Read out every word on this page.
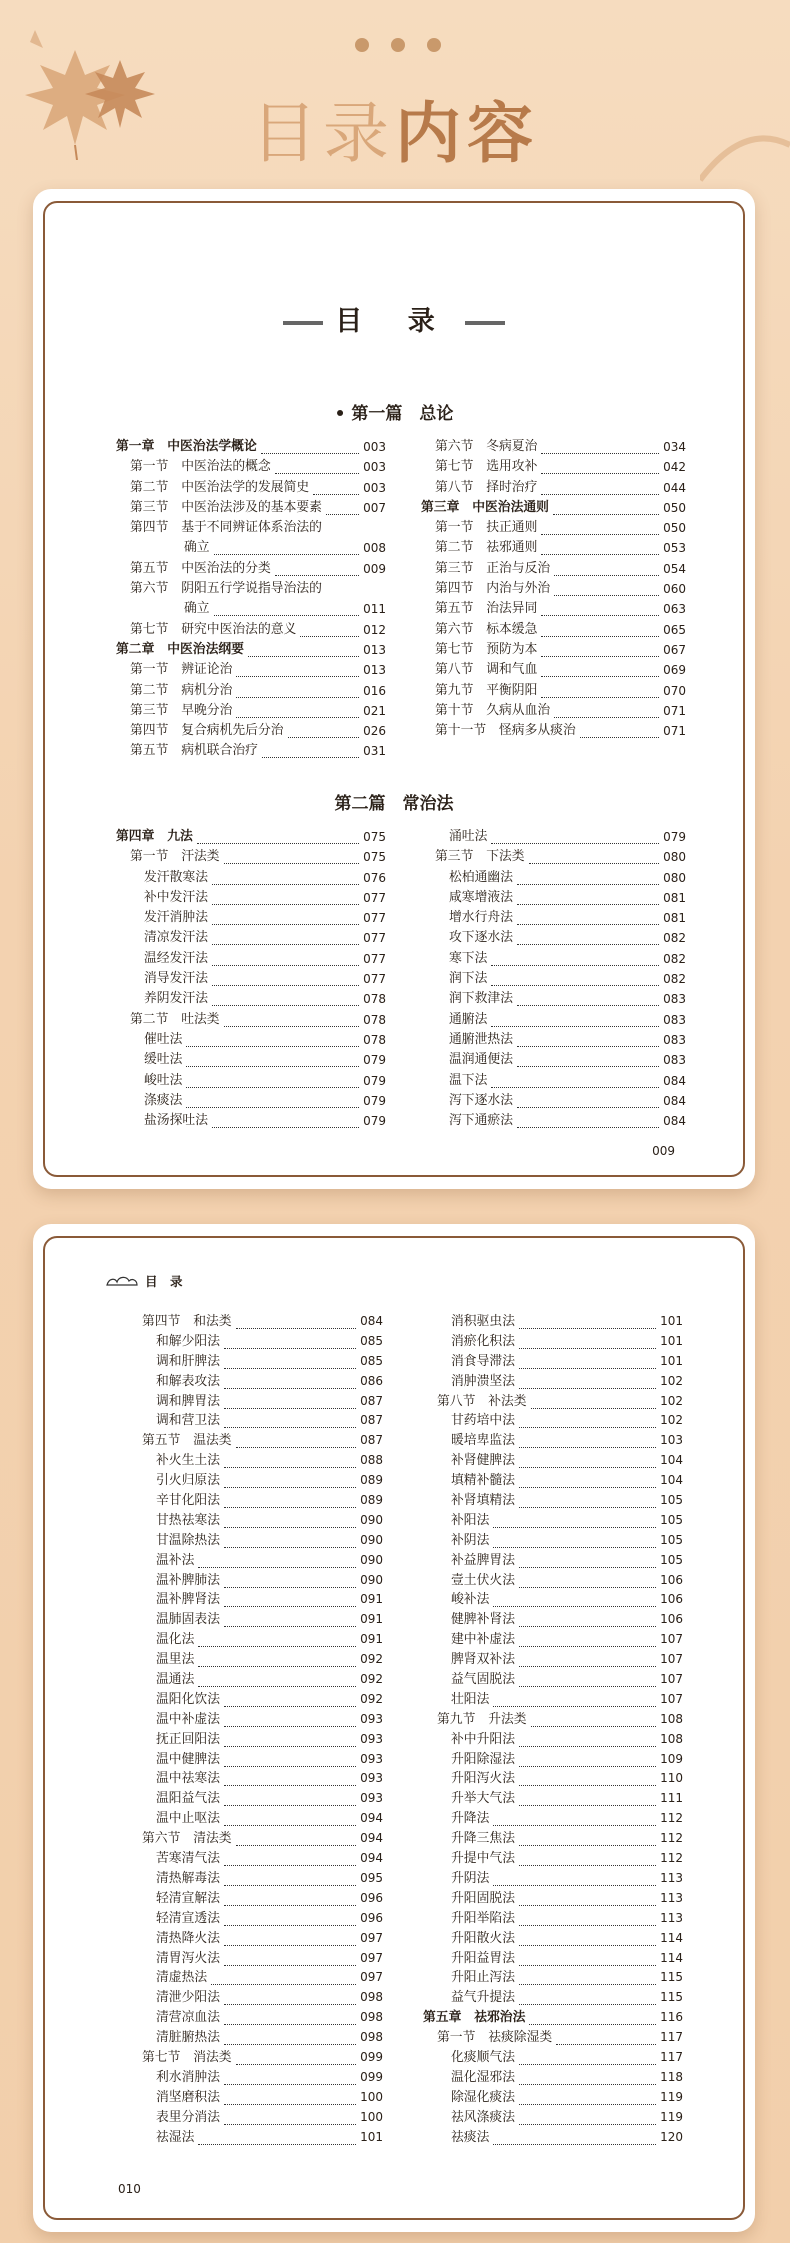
目录内容
目 录
• 第一篇　总论
第一章　中医治法学概论	003
第一节　中医治法的概念	003
第二节　中医治法学的发展简史	003
第三节　中医治法涉及的基本要素	007
第四节　基于不同辨证体系治法的
确立	008
第五节　中医治法的分类	009
第六节　阴阳五行学说指导治法的
确立	011
第七节　研究中医治法的意义	012
第二章　中医治法纲要	013
第一节　辨证论治	013
第二节　病机分治	016
第三节　早晚分治	021
第四节　复合病机先后分治	026
第五节　病机联合治疗	031
第六节　冬病夏治	034
第七节　选用攻补	042
第八节　择时治疗	044
第三章　中医治法通则	050
第一节　扶正通则	050
第二节　祛邪通则	053
第三节　正治与反治	054
第四节　内治与外治	060
第五节　治法异同	063
第六节　标本缓急	065
第七节　预防为本	067
第八节　调和气血	069
第九节　平衡阴阳	070
第十节　久病从血治	071
第十一节　怪病多从痰治	071
第二篇　常治法
第四章　九法	075
第一节　汗法类	075
发汗散寒法	076
补中发汗法	077
发汗消肿法	077
清凉发汗法	077
温经发汗法	077
消导发汗法	077
养阴发汗法	078
第二节　吐法类	078
催吐法	078
缓吐法	079
峻吐法	079
涤痰法	079
盐汤探吐法	079
涌吐法	079
第三节　下法类	080
松柏通幽法	080
咸寒增液法	081
增水行舟法	081
攻下逐水法	082
寒下法	082
润下法	082
润下救津法	083
通腑法	083
通腑泄热法	083
温润通便法	083
温下法	084
泻下逐水法	084
泻下通瘀法	084
009
目　录
第四节　和法类	084
和解少阳法	085
调和肝脾法	085
和解表攻法	086
调和脾胃法	087
调和营卫法	087
第五节　温法类	087
补火生土法	088
引火归原法	089
辛甘化阳法	089
甘热祛寒法	090
甘温除热法	090
温补法	090
温补脾肺法	090
温补脾肾法	091
温肺固表法	091
温化法	091
温里法	092
温通法	092
温阳化饮法	092
温中补虚法	093
抚正回阳法	093
温中健脾法	093
温中祛寒法	093
温阳益气法	093
温中止呕法	094
第六节　清法类	094
苦寒清气法	094
清热解毒法	095
轻清宣解法	096
轻清宣透法	096
清热降火法	097
清胃泻火法	097
清虚热法	097
清泄少阳法	098
清营凉血法	098
清脏腑热法	098
第七节　消法类	099
利水消肿法	099
消坚磨积法	100
表里分消法	100
祛湿法	101
消积驱虫法	101
消瘀化积法	101
消食导滞法	101
消肿溃坚法	102
第八节　补法类	102
甘药培中法	102
暖培卑监法	103
补肾健脾法	104
填精补髓法	104
补肾填精法	105
补阳法	105
补阴法	105
补益脾胃法	105
壹土伏火法	106
峻补法	106
健脾补肾法	106
建中补虚法	107
脾肾双补法	107
益气固脱法	107
壮阳法	107
第九节　升法类	108
补中升阳法	108
升阳除湿法	109
升阳泻火法	110
升举大气法	111
升降法	112
升降三焦法	112
升提中气法	112
升阴法	113
升阳固脱法	113
升阳举陷法	113
升阳散火法	114
升阳益胃法	114
升阳止泻法	115
益气升提法	115
第五章　祛邪治法	116
第一节　祛痰除湿类	117
化痰顺气法	117
温化湿邪法	118
除湿化痰法	119
祛风涤痰法	119
祛痰法	120
010
